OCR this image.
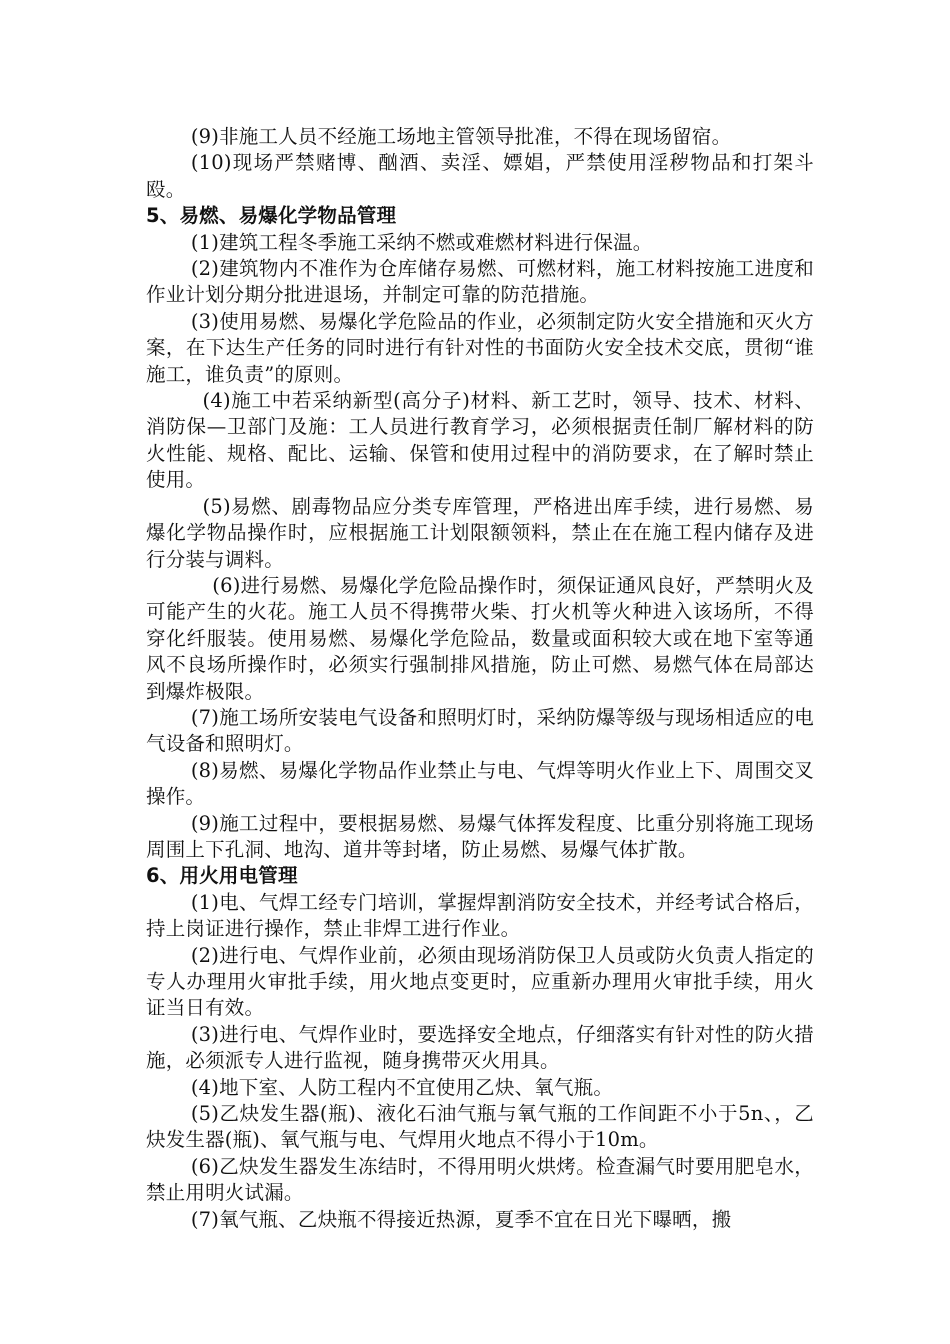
(9)非施工人员不经施工场地主管领导批准，不得在现场留宿。

(10)现场严禁赌博、酗酒、卖淫、嫖娼，严禁使用淫秽物品和打架斗殴。

5、易燃、易爆化学物品管理

(1)建筑工程冬季施工采纳不燃或难燃材料进行保温。

(2)建筑物内不准作为仓库储存易燃、可燃材料，施工材料按施工进度和作业计划分期分批进退场，并制定可靠的防范措施。

(3)使用易燃、易爆化学危险品的作业，必须制定防火安全措施和灭火方案，在下达生产任务的同时进行有针对性的书面防火安全技术交底，贯彻“谁施工，谁负责”的原则。

(4)施工中若采纳新型(高分子)材料、新工艺时，领导、技术、材料、消防保—卫部门及施：工人员进行教育学习，必须根据责任制厂解材料的防火性能、规格、配比、运输、保管和使用过程中的消防要求，在了解时禁止使用。

(5)易燃、剧毒物品应分类专库管理，严格进出库手续，进行易燃、易爆化学物品操作时，应根据施工计划限额领料，禁止在在施工程内储存及进行分装与调料。

(6)进行易燃、易爆化学危险品操作时，须保证通风良好，严禁明火及可能产生的火花。施工人员不得携带火柴、打火机等火种进入该场所，不得穿化纤服装。使用易燃、易爆化学危险品，数量或面积较大或在地下室等通风不良场所操作时，必须实行强制排风措施，防止可燃、易燃气体在局部达到爆炸极限。

(7)施工场所安装电气设备和照明灯时，采纳防爆等级与现场相适应的电气设备和照明灯。

(8)易燃、易爆化学物品作业禁止与电、气焊等明火作业上下、周围交叉操作。

(9)施工过程中，要根据易燃、易爆气体挥发程度、比重分别将施工现场周围上下孔洞、地沟、道井等封堵，防止易燃、易爆气体扩散。

6、用火用电管理

(1)电、气焊工经专门培训，掌握焊割消防安全技术，并经考试合格后，持上岗证进行操作，禁止非焊工进行作业。

(2)进行电、气焊作业前，必须由现场消防保卫人员或防火负责人指定的专人办理用火审批手续，用火地点变更时，应重新办理用火审批手续，用火证当日有效。

(3)进行电、气焊作业时，要选择安全地点，仔细落实有针对性的防火措施，必须派专人进行监视，随身携带灭火用具。

(4)地下室、人防工程内不宜使用乙炔、氧气瓶。

(5)乙炔发生器(瓶)、液化石油气瓶与氧气瓶的工作间距不小于5n、，乙炔发生器(瓶)、氧气瓶与电、气焊用火地点不得小于10m。

(6)乙炔发生器发生冻结时，不得用明火烘烤。检查漏气时要用肥皂水，禁止用明火试漏。

(7)氧气瓶、乙炔瓶不得接近热源，夏季不宜在日光下曝晒，搬
